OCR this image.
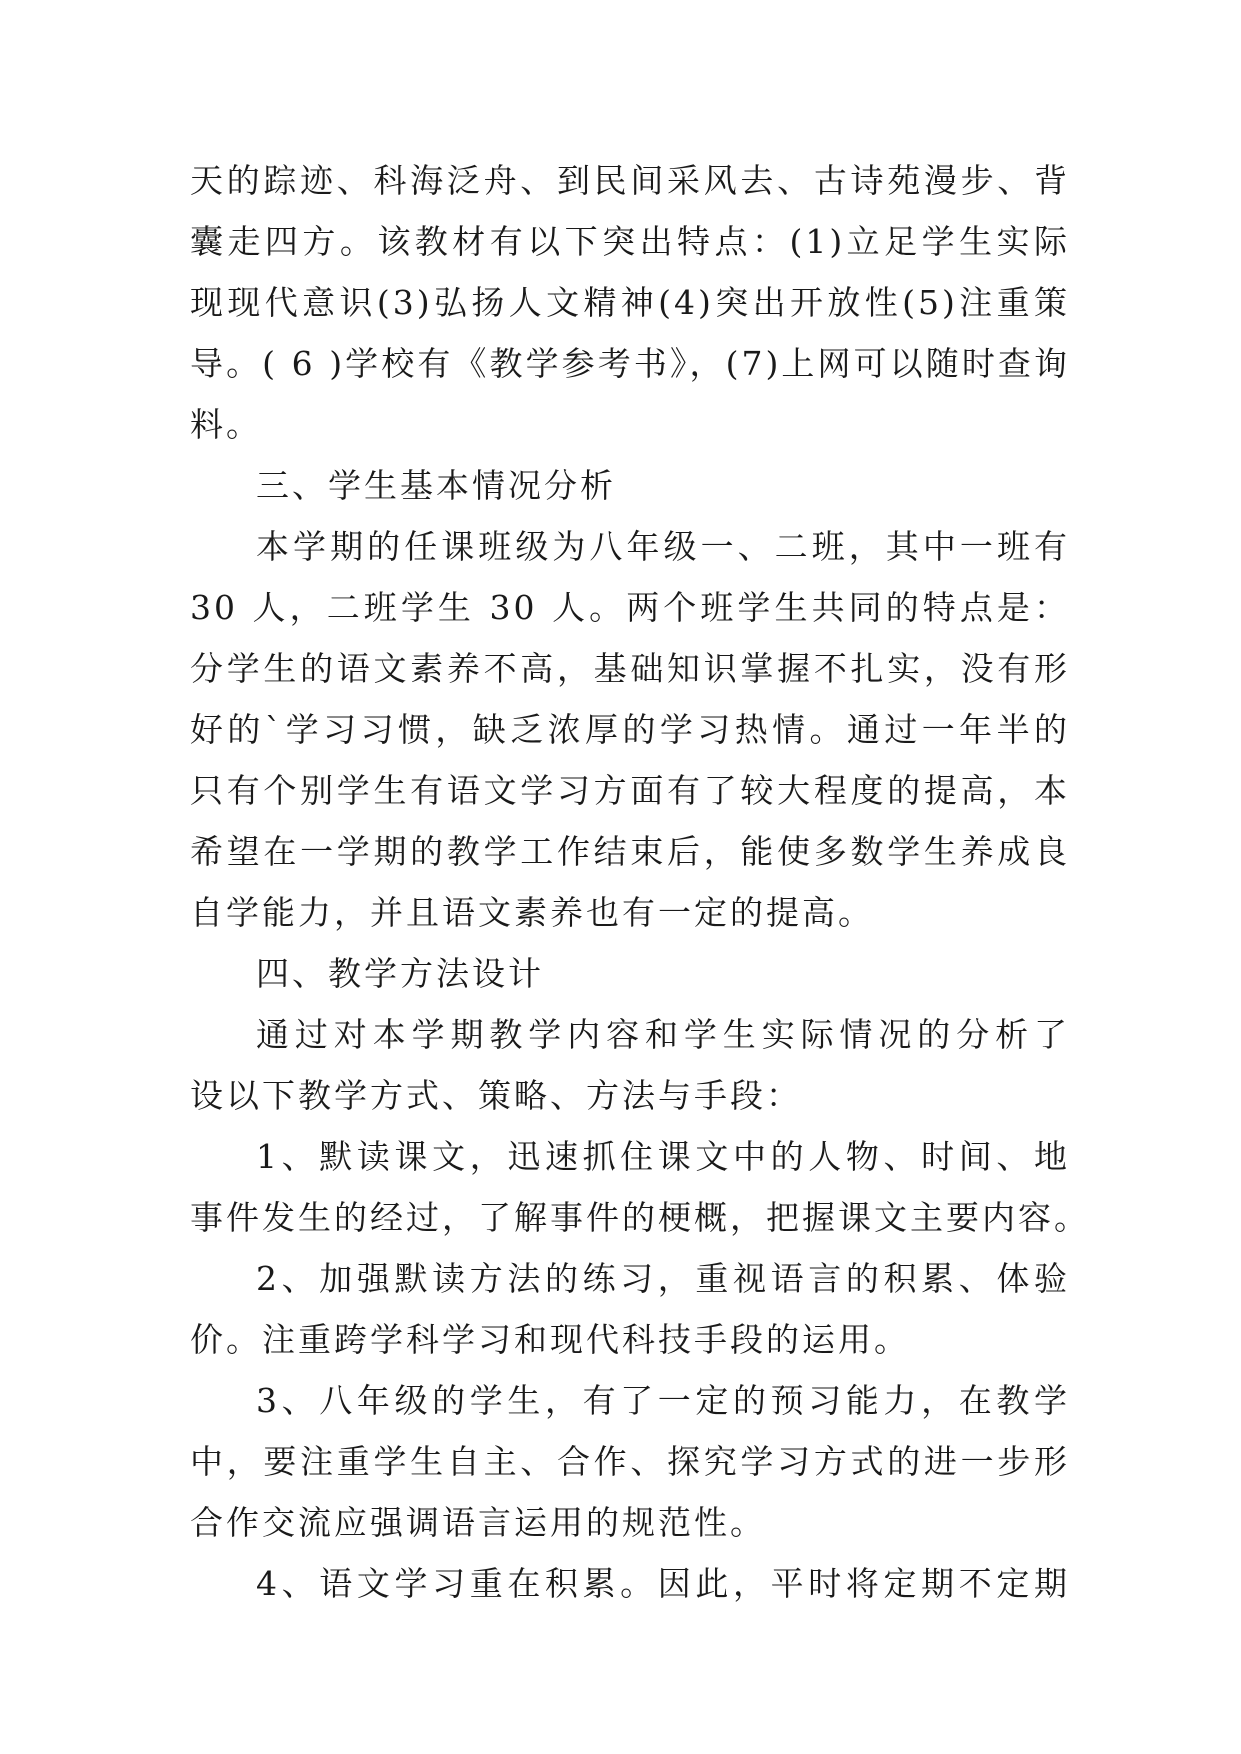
天的踪迹、科海泛舟、到民间采风去、古诗苑漫步、背
囊走四方。该教材有以下突出特点：(1)立足学生实际
现现代意识(3)弘扬人文精神(4)突出开放性(5)注重策
导。( 6 )学校有《教学参考书》，(7)上网可以随时查询
料。
三、学生基本情况分析
本学期的任课班级为八年级一、二班，其中一班有
30 人，二班学生 30 人。两个班学生共同的特点是：
分学生的语文素养不高，基础知识掌握不扎实，没有形
好的`学习习惯，缺乏浓厚的学习热情。通过一年半的
只有个别学生有语文学习方面有了较大程度的提高，本
希望在一学期的教学工作结束后，能使多数学生养成良
自学能力，并且语文素养也有一定的提高。
四、教学方法设计
通过对本学期教学内容和学生实际情况的分析了
设以下教学方式、策略、方法与手段：
1、默读课文，迅速抓住课文中的人物、时间、地
事件发生的经过，了解事件的梗概，把握课文主要内容。
2、加强默读方法的练习，重视语言的积累、体验
价。注重跨学科学习和现代科技手段的运用。
3、八年级的学生，有了一定的预习能力，在教学
中，要注重学生自主、合作、探究学习方式的进一步形
合作交流应强调语言运用的规范性。
4、语文学习重在积累。因此，平时将定期不定期
